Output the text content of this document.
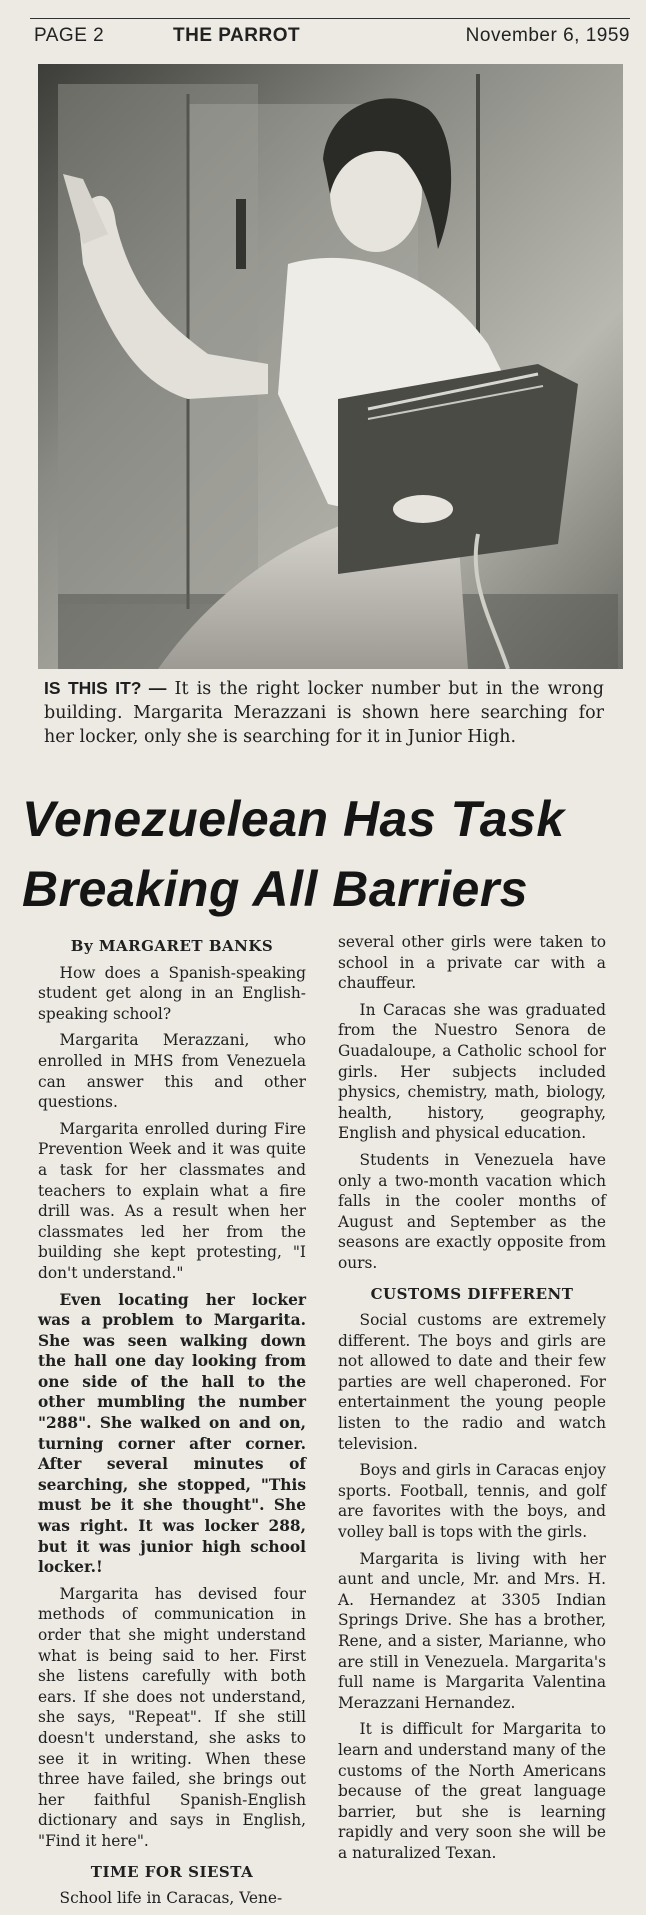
PAGE 2	THE PARROT	November 6, 1959
IS THIS IT? — It is the right locker number but in the wrong building. Margarita Merazzani is shown here searching for her locker, only she is searching for it in Junior High.
Venezuelean Has Task
Breaking All Barriers
By MARGARET BANKS

How does a Spanish-speaking student get along in an English-speaking school?

Margarita Merazzani, who enrolled in MHS from Venezuela can answer this and other questions.

Margarita enrolled during Fire Prevention Week and it was quite a task for her classmates and teachers to explain what a fire drill was. As a result when her classmates led her from the building she kept protesting, "I don't understand."

Even locating her locker was a problem to Margarita. She was seen walking down the hall one day looking from one side of the hall to the other mumbling the number "288". She walked on and on, turning corner after corner. After several minutes of searching, she stopped, "This must be it she thought". She was right. It was locker 288, but it was junior high school locker.!

Margarita has devised four methods of communication in order that she might understand what is being said to her. First she listens carefully with both ears. If she does not understand, she says, "Repeat". If she still doesn't understand, she asks to see it in writing. When these three have failed, she brings out her faithful Spanish-English dictionary and says in English, "Find it here".

TIME FOR SIESTA

School life in Caracas, Vene-

several other girls were taken to school in a private car with a chauffeur.

In Caracas she was graduated from the Nuestro Senora de Guadaloupe, a Catholic school for girls. Her subjects included physics, chemistry, math, biology, health, history, geography, English and physical education.

Students in Venezuela have only a two-month vacation which falls in the cooler months of August and September as the seasons are exactly opposite from ours.

CUSTOMS DIFFERENT

Social customs are extremely different. The boys and girls are not allowed to date and their few parties are well chaperoned. For entertainment the young people listen to the radio and watch television.

Boys and girls in Caracas enjoy sports. Football, tennis, and golf are favorites with the boys, and volley ball is tops with the girls.

Margarita is living with her aunt and uncle, Mr. and Mrs. H. A. Hernandez at 3305 Indian Springs Drive. She has a brother, Rene, and a sister, Marianne, who are still in Venezuela. Margarita's full name is Margarita Valentina Merazzani Hernandez.

It is difficult for Margarita to learn and understand many of the customs of the North Americans because of the great language barrier, but she is learning rapidly and very soon she will be a naturalized Texan.
